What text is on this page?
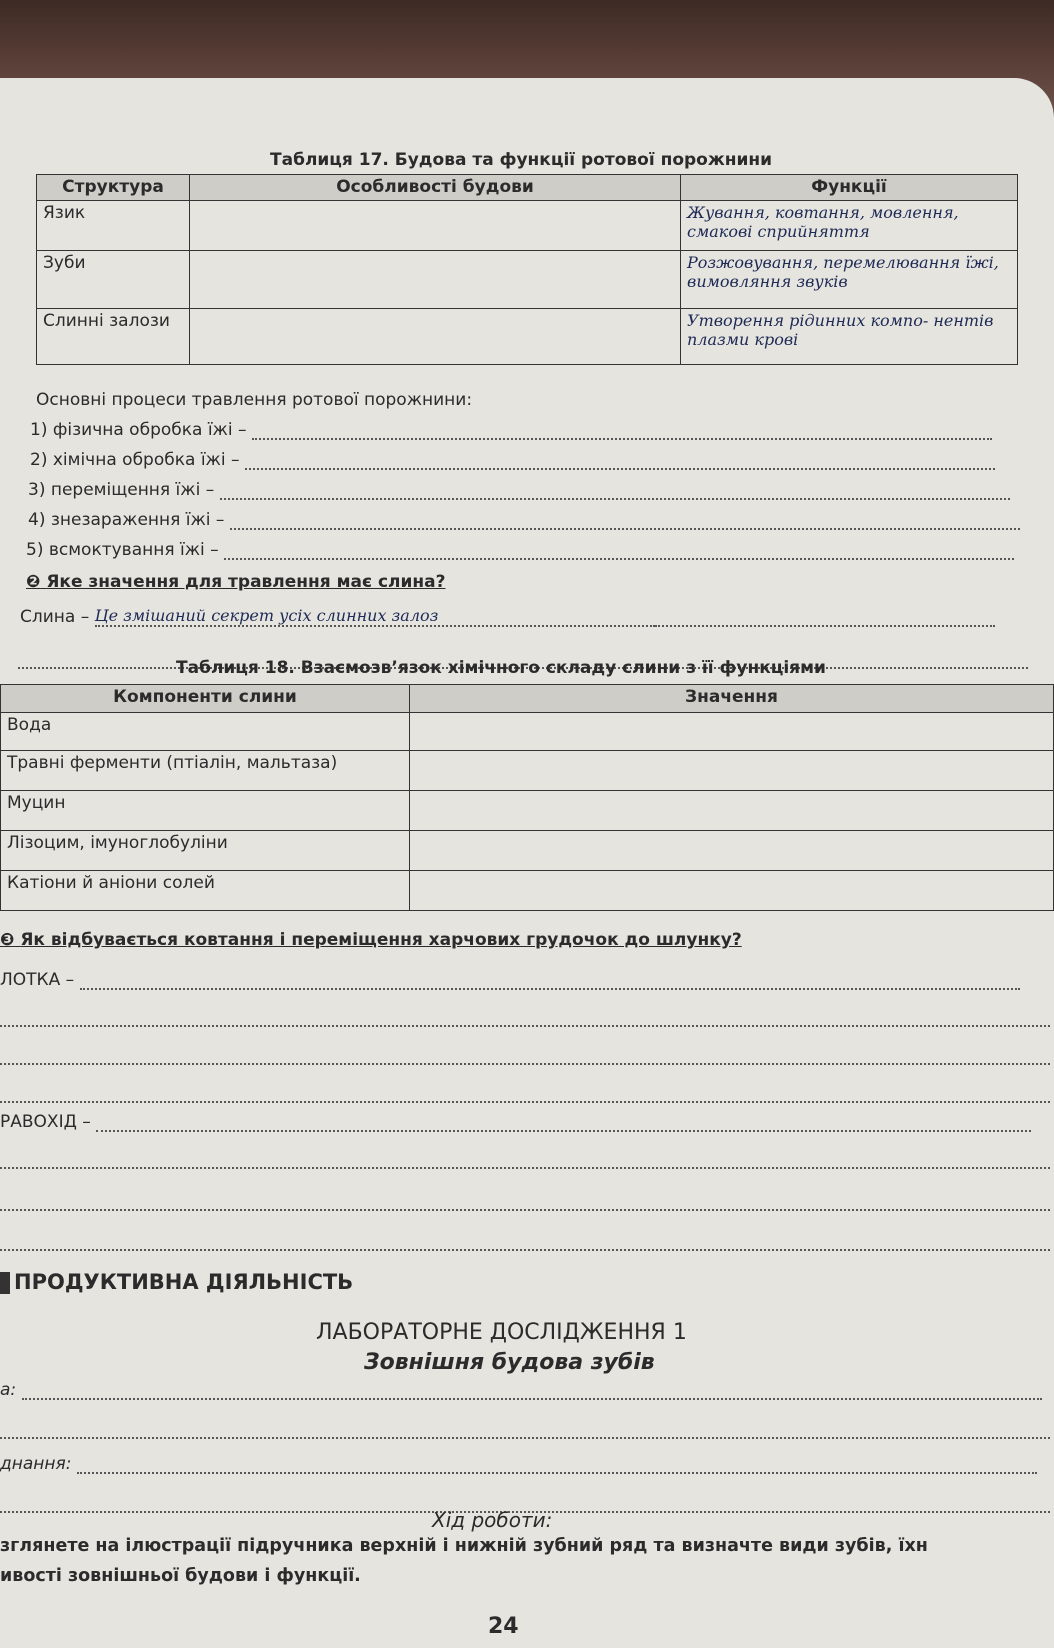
Таблиця 17. Будова та функції ротової порожнини
Структура	Особливості будови	Функції
Язик		Жування, ковтання, мовлення, смакові сприйняття
Зуби		Розжовування, перемелювання їжі, вимовляння звуків
Слинні залози		Утворення рідинних компо- нентів плазми крові
Основні процеси травлення ротової порожнини:
1) фізична обробка їжі –
2) хімічна обробка їжі –
3) переміщення їжі –
4) знезараження їжі –
5) всмоктування їжі –
❷ Яке значення для травлення має слина?
Слина – Це змішаний секрет усіх слинних залоз
Таблиця 18. Взаємозв’язок хімічного складу слини з її функціями
Компоненти слини	Значення
Вода	
Травні ферменти (птіалін, мальтаза)	
Муцин	
Лізоцим, імуноглобуліни	
Катіони й аніони солей	
❸ Як відбувається ковтання і переміщення харчових грудочок до шлунку?
ЛОТКА –
РАВОХІД –
ПРОДУКТИВНА ДІЯЛЬНІСТЬ
ЛАБОРАТОРНЕ ДОСЛІДЖЕННЯ 1
Зовнішня будова зубів
а:
днання:
Хід роботи:
зглянете на ілюстрації підручника верхній і нижній зубний ряд та визначте види зубів, їхн
ивості зовнішньої будови і функції.
24
